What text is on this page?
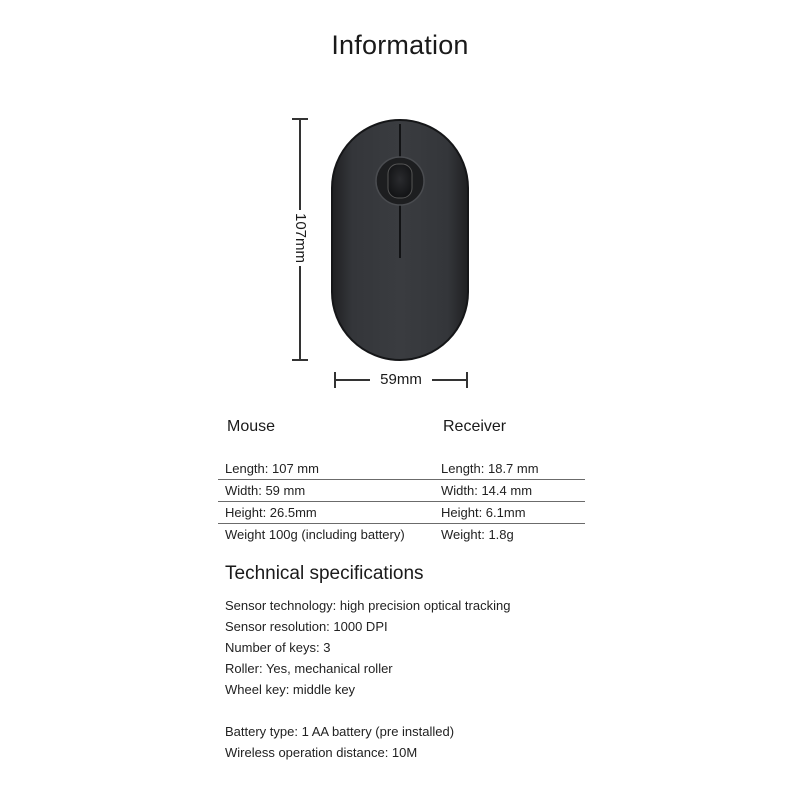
Information
107mm
59mm
Mouse	Receiver
Length: 107 mm	Length: 18.7 mm
Width: 59 mm	Width: 14.4 mm
Height: 26.5mm	Height: 6.1mm
Weight 100g (including battery)	Weight: 1.8g
Technical specifications
Sensor technology: high precision optical tracking
Sensor resolution: 1000 DPI
Number of keys: 3
Roller: Yes, mechanical roller
Wheel key: middle key
Battery type: 1 AA battery (pre installed)
Wireless operation distance: 10M
